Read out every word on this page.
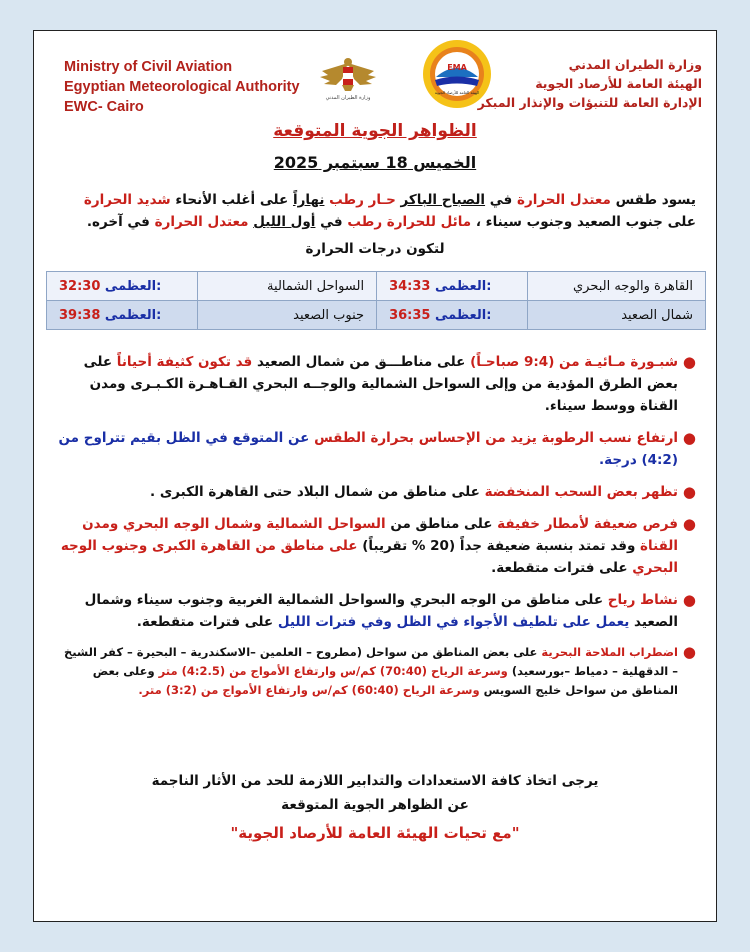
Ministry of Civil Aviation
Egyptian Meteorological Authority
EWC- Cairo
وزارة الطيران المدني
EMA
الهيئة العامة للأرصاد الجوية
وزارة الطيران المدني
الهيئة العامة للأرصاد الجوية
الإدارة العامة للتنبؤات والإنذار المبكر
الظواهر الجوية المتوقعة
الخميس 18 سبتمبر 2025
يسود طقس معتدل الحرارة في الصباح الباكر حـار رطب نهاراً على أغلب الأنحاء شديد الحرارة على جنوب الصعيد وجنوب سيناء ، مائل للحرارة رطب في أول الليل معتدل الحرارة في آخره.
لتكون درجات الحرارة
القاهرة والوجه البحري	34:33 العظمى:	السواحل الشمالية	32:30 العظمى:
شمال الصعيد	36:35 العظمى:	جنوب الصعيد	39:38 العظمى:
●
شبـورة مـائيـة من (9:4 صباحـاً) على مناطـــق من شمال الصعيد قد تكون كثيفة أحياناً على بعض الطرق المؤدية من وإلى السواحل الشمالية والوجــه البحري القـاهـرة الكـبـرى ومدن القناة ووسط سيناء.
●
ارتفاع نسب الرطوبة يزيد من الإحساس بحرارة الطقس عن المتوقع في الظل بقيم تتراوح من (4:2) درجة.
●
تظهر بعض السحب المنخفضة على مناطق من شمال البلاد حتى القاهرة الكبرى .
●
فرص ضعيفة لأمطار خفيفة على مناطق من السواحل الشمالية وشمال الوجه البحري ومدن القناة وقد تمتد بنسبة ضعيفة جداً (20 % تقريباً) على مناطق من القاهرة الكبرى وجنوب الوجه البحري على فترات متقطعة.
●
نشاط رياح على مناطق من الوجه البحري والسواحل الشمالية الغربية وجنوب سيناء وشمال الصعيد يعمل على تلطيف الأجواء في الظل وفي فترات الليل على فترات متقطعة.
●
اضطراب الملاحة البحرية على بعض المناطق من سواحل (مطروح – العلمين –الاسكندرية – البحيرة – كفر الشيخ – الدقهلية – دمياط –بورسعيد) وسرعة الرياح (70:40) كم/س وارتفاع الأمواج من (4:2.5) متر وعلى بعض المناطق من سواحل خليج السويس وسرعة الرياح (60:40) كم/س وارتفاع الأمواج من (3:2) متر.
يرجى اتخاذ كافة الاستعدادات والتدابير اللازمة للحد من الأثار الناجمة
عن الظواهر الجوية المتوقعة
"مع تحيات الهيئة العامة للأرصاد الجوية"
